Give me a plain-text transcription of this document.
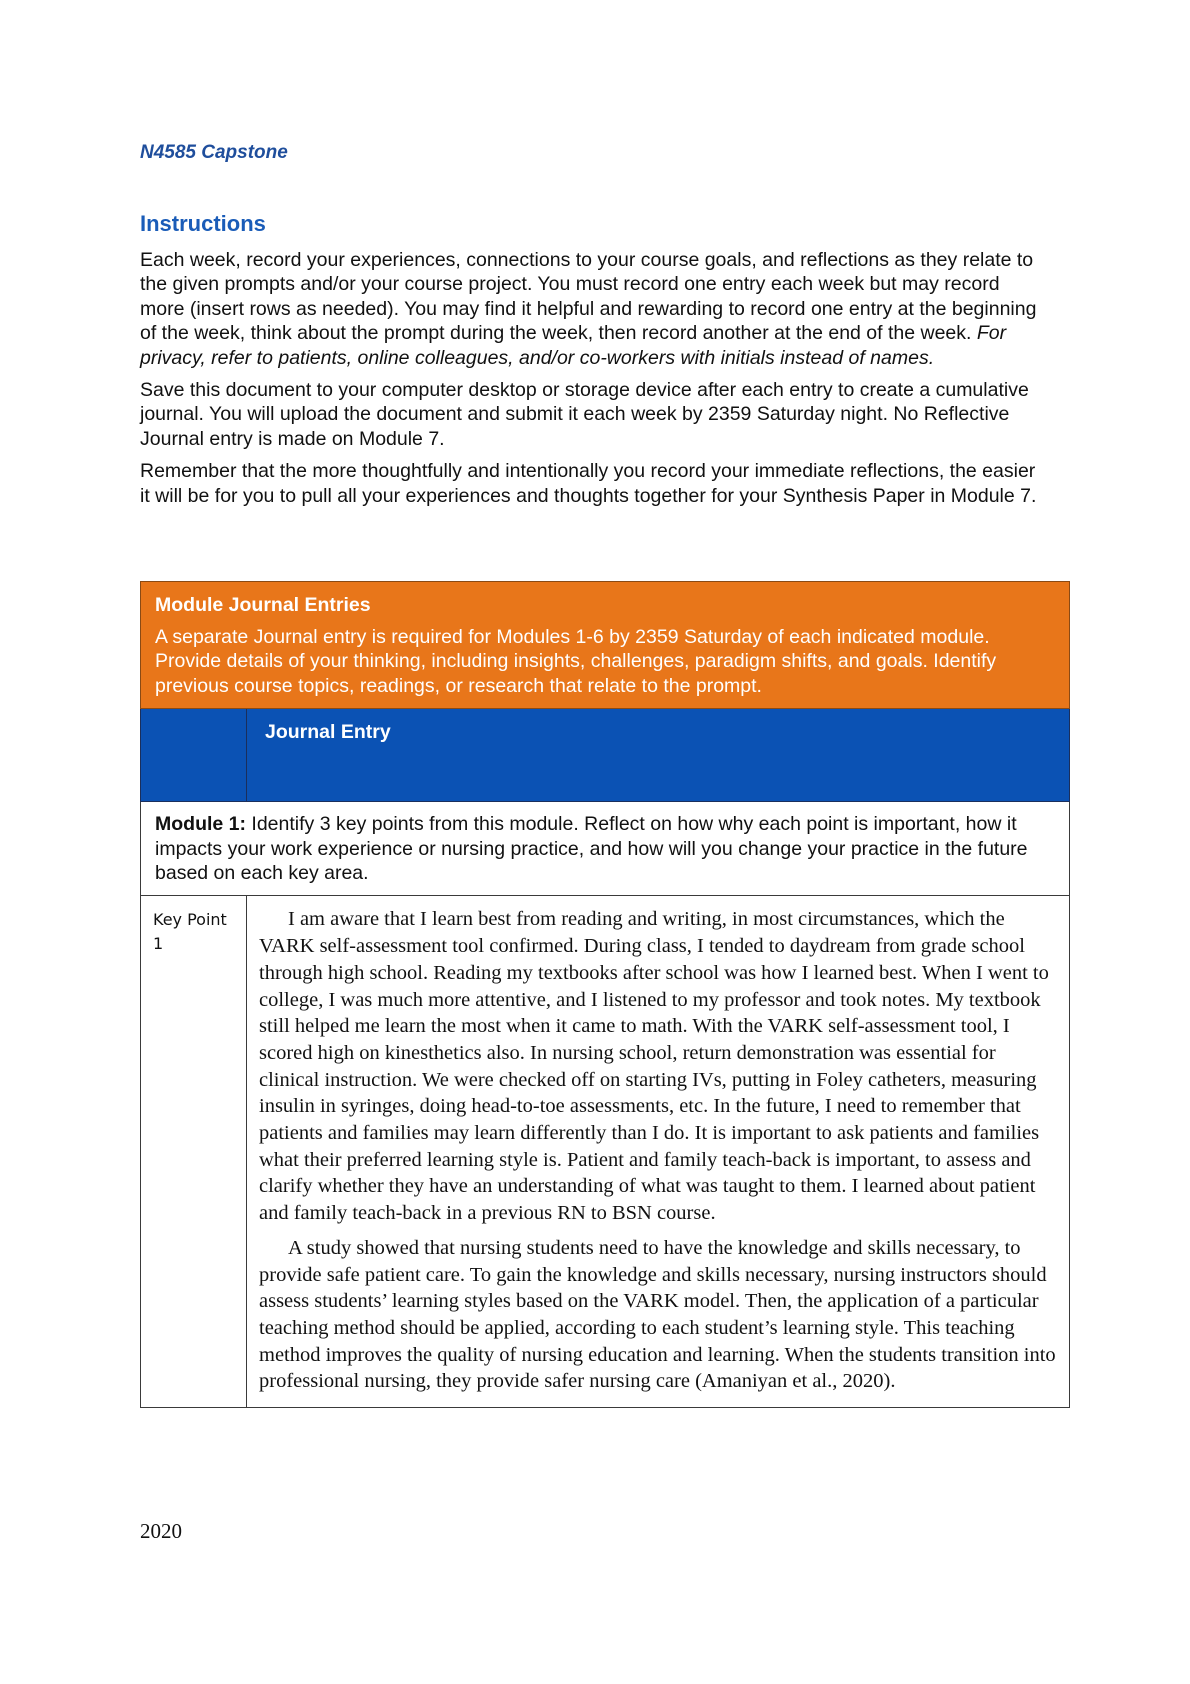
N4585 Capstone
Instructions

Each week, record your experiences, connections to your course goals, and reflections as they relate to the given prompts and/or your course project. You must record one entry each week but may record more (insert rows as needed). You may find it helpful and rewarding to record one entry at the beginning of the week, think about the prompt during the week, then record another at the end of the week. For privacy, refer to patients, online colleagues, and/or co-workers with initials instead of names.

Save this document to your computer desktop or storage device after each entry to create a cumulative journal. You will upload the document and submit it each week by 2359 Saturday night. No Reflective Journal entry is made on Module 7.

Remember that the more thoughtfully and intentionally you record your immediate reflections, the easier it will be for you to pull all your experiences and thoughts together for your Synthesis Paper in Module 7.

Module Journal Entries
A separate Journal entry is required for Modules 1-6 by 2359 Saturday of each indicated module. Provide details of your thinking, including insights, challenges, paradigm shifts, and goals. Identify previous course topics, readings, or research that relate to the prompt.	

	Journal Entry
Module 1: Identify 3 key points from this module. Reflect on how why each point is important, how it impacts your work experience or nursing practice, and how will you change your practice in the future based on each key area.	
Key Point 1	I am aware that I learn best from reading and writing, in most circumstances, which the VARK self-assessment tool confirmed. During class, I tended to daydream from grade school through high school. Reading my textbooks after school was how I learned best. When I went to college, I was much more attentive, and I listened to my professor and took notes. My textbook still helped me learn the most when it came to math. With the VARK self-assessment tool, I scored high on kinesthetics also. In nursing school, return demonstration was essential for clinical instruction. We were checked off on starting IVs, putting in Foley catheters, measuring insulin in syringes, doing head-to-toe assessments, etc. In the future, I need to remember that patients and families may learn differently than I do. It is important to ask patients and families what their preferred learning style is. Patient and family teach-back is important, to assess and clarify whether they have an understanding of what was taught to them. I learned about patient and family teach-back in a previous RN to BSN course.

A study showed that nursing students need to have the knowledge and skills necessary, to provide safe patient care. To gain the knowledge and skills necessary, nursing instructors should assess students’ learning styles based on the VARK model. Then, the application of a particular teaching method should be applied, according to each student’s learning style. This teaching method improves the quality of nursing education and learning. When the students transition into professional nursing, they provide safer nursing care (Amaniyan et al., 2020).

2020
